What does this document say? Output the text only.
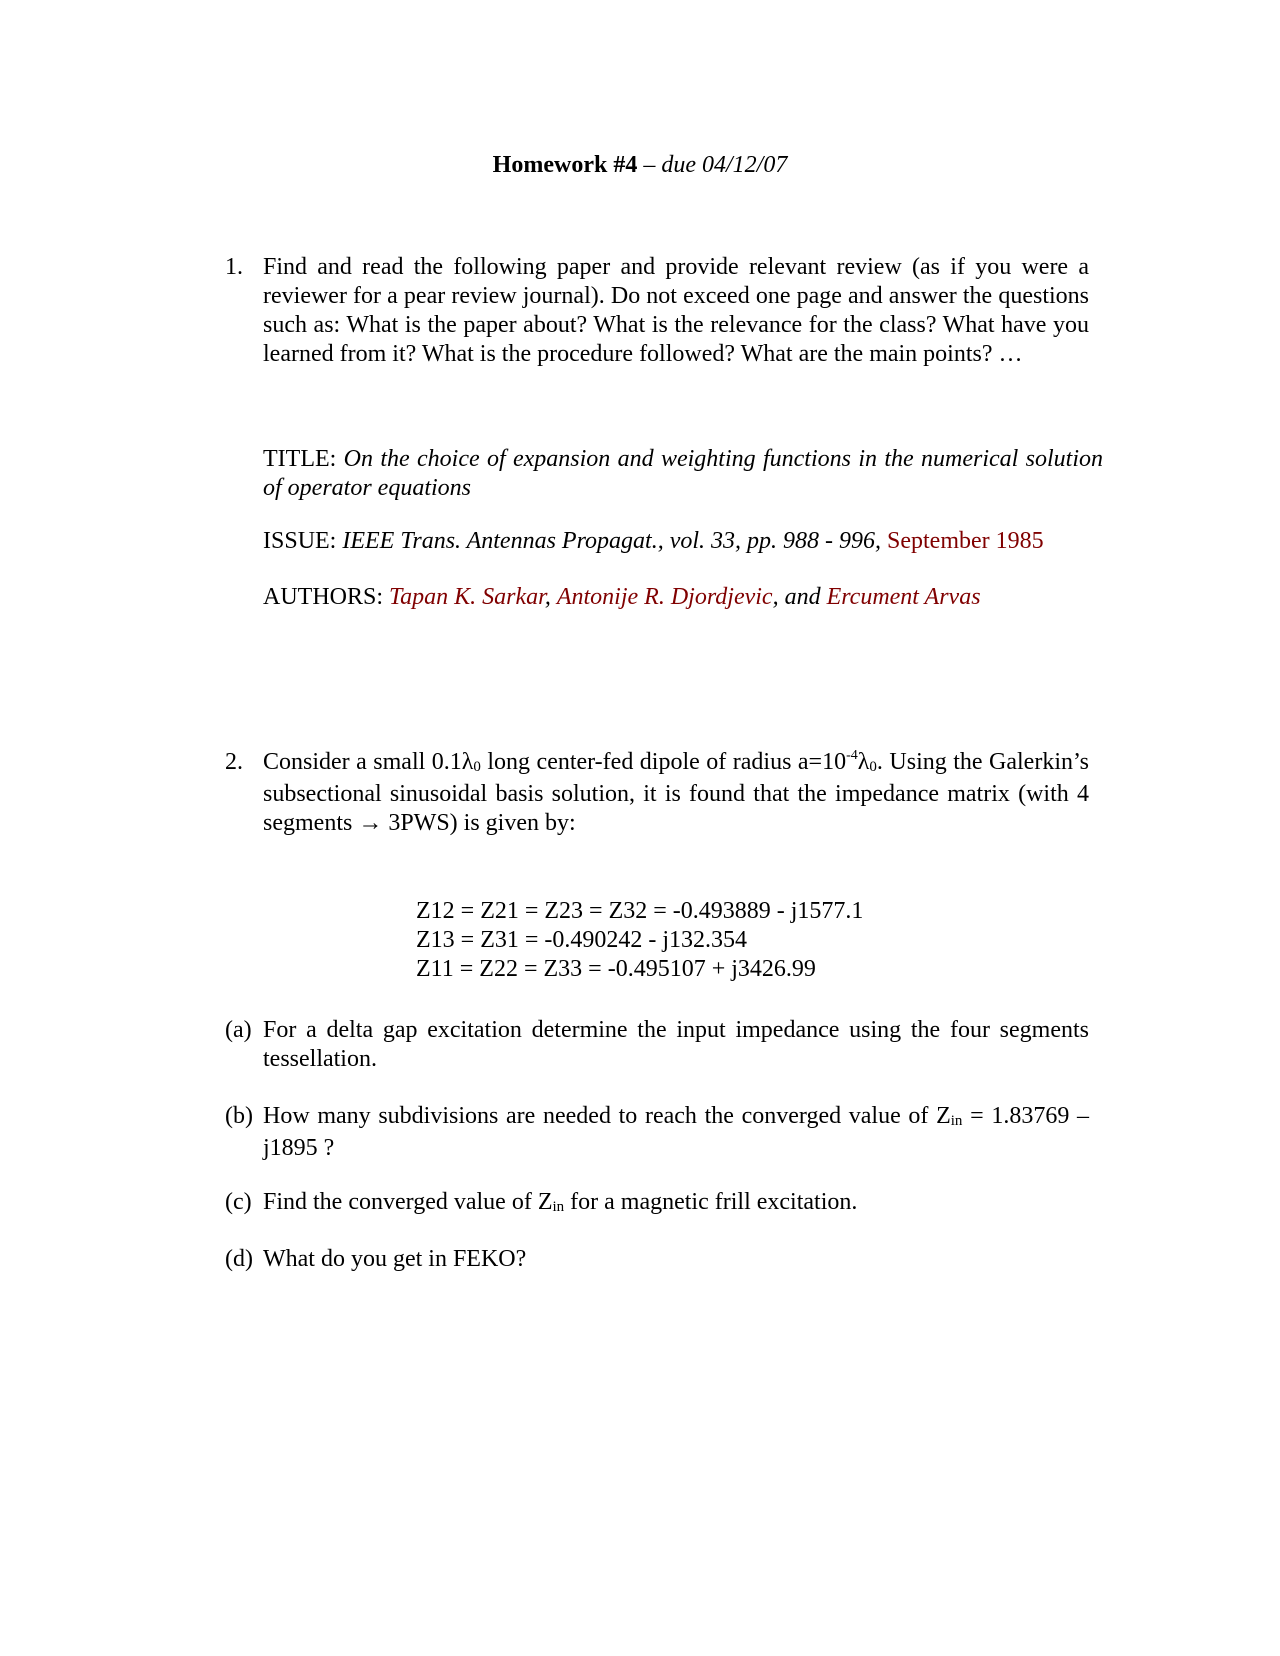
Homework #4 – due 04/12/07
1. Find and read the following paper and provide relevant review (as if you were a reviewer for a pear review journal). Do not exceed one page and answer the questions such as: What is the paper about? What is the relevance for the class? What have you learned from it? What is the procedure followed? What are the main points? …
TITLE: On the choice of expansion and weighting functions in the numerical solution of operator equations
ISSUE: IEEE Trans. Antennas Propagat., vol. 33, pp. 988 - 996, September 1985
AUTHORS: Tapan K. Sarkar, Antonije R. Djordjevic, and Ercument Arvas
2. Consider a small 0.1λ0 long center-fed dipole of radius $a=10^{-4}\lambda 0$. Using the Galerkin’s subsectional sinusoidal basis solution, it is found that the impedance matrix (with 4 segments → 3PWS) is given by:
Z12 = Z21 = Z23 = Z32 = -0.493889 - j1577.1
Z13 = Z31 = -0.490242 - j132.354
Z11 = Z22 = Z33 = -0.495107 + j3426.99
(a) For a delta gap excitation determine the input impedance using the four segments tessellation.
(b) How many subdivisions are needed to reach the converged value of Zin = 1.83769 – j1895 ?
(c) Find the converged value of Zin for a magnetic frill excitation.
(d) What do you get in FEKO?
